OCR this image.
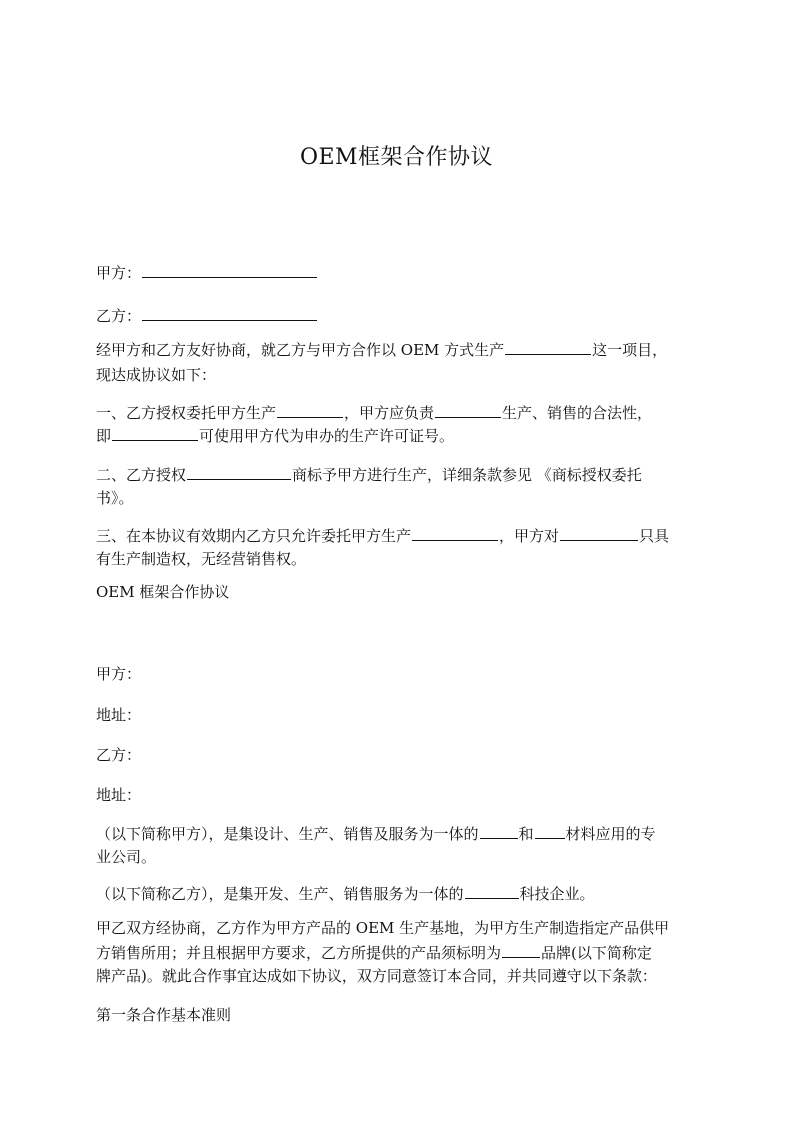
OEM框架合作协议
甲方：
乙方：
经甲方和乙方友好协商，就乙方与甲方合作以 OEM 方式生产	这一项目，
现达成协议如下：
一、乙方授权委托甲方生产	，甲方应负责	生产、销售的合法性，
即	可使用甲方代为申办的生产许可证号。
二、乙方授权	商标予甲方进行生产，详细条款参见 《商标授权委托
书》。
三、在本协议有效期内乙方只允许委托甲方生产	，甲方对	只具
有生产制造权，无经营销售权。
OEM 框架合作协议
甲方：
地址：
乙方：
地址：
（以下简称甲方），是集设计、生产、销售及服务为一体的	和 材料应用的专
业公司。
（以下简称乙方），是集开发、生产、销售服务为一体的	科技企业。
甲乙双方经协商，乙方作为甲方产品的 OEM 生产基地，为甲方生产制造指定产品供甲
方销售所用；并且根据甲方要求，乙方所提供的产品须标明为	品牌(以下简称定
牌产品)。就此合作事宜达成如下协议，双方同意签订本合同，并共同遵守以下条款：
第一条合作基本准则
